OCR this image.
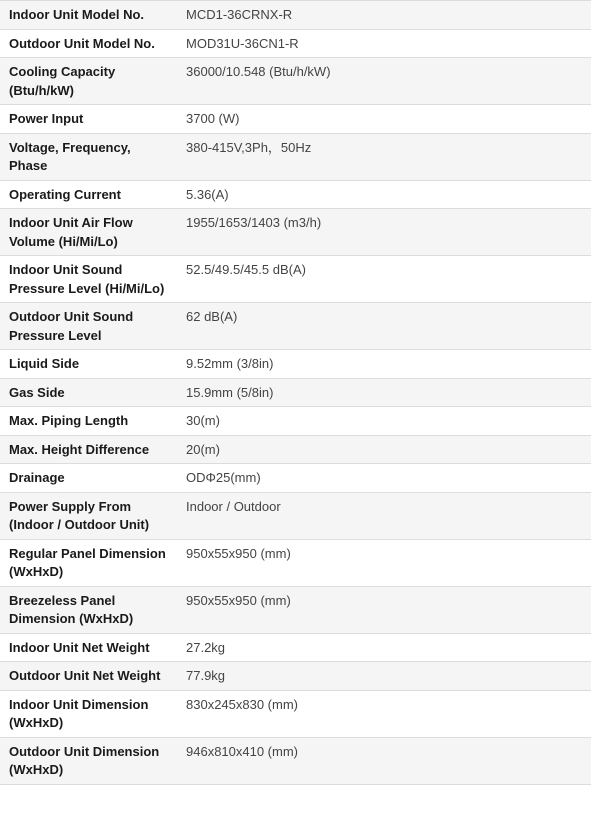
Indoor Unit Model No.	MCD1-36CRNX-R
Outdoor Unit Model No.	MOD31U-36CN1-R
Cooling Capacity (Btu/h/kW)	36000/10.548 (Btu/h/kW)
Power Input	3700 (W)
Voltage, Frequency, Phase	380-415V,3Ph，50Hz
Operating Current	5.36(A)
Indoor Unit Air Flow Volume (Hi/Mi/Lo)	1955/1653/1403 (m3/h)
Indoor Unit Sound Pressure Level (Hi/Mi/Lo)	52.5/49.5/45.5 dB(A)
Outdoor Unit Sound Pressure Level	62 dB(A)
Liquid Side	9.52mm (3/8in)
Gas Side	15.9mm (5/8in)
Max. Piping Length	30(m)
Max. Height Difference	20(m)
Drainage	ODΦ25(mm)
Power Supply From (Indoor / Outdoor Unit)	Indoor / Outdoor
Regular Panel Dimension (WxHxD)	950x55x950 (mm)
Breezeless Panel Dimension (WxHxD)	950x55x950 (mm)
Indoor Unit Net Weight	27.2kg
Outdoor Unit Net Weight	77.9kg
Indoor Unit Dimension (WxHxD)	830x245x830 (mm)
Outdoor Unit Dimension (WxHxD)	946x810x410 (mm)
